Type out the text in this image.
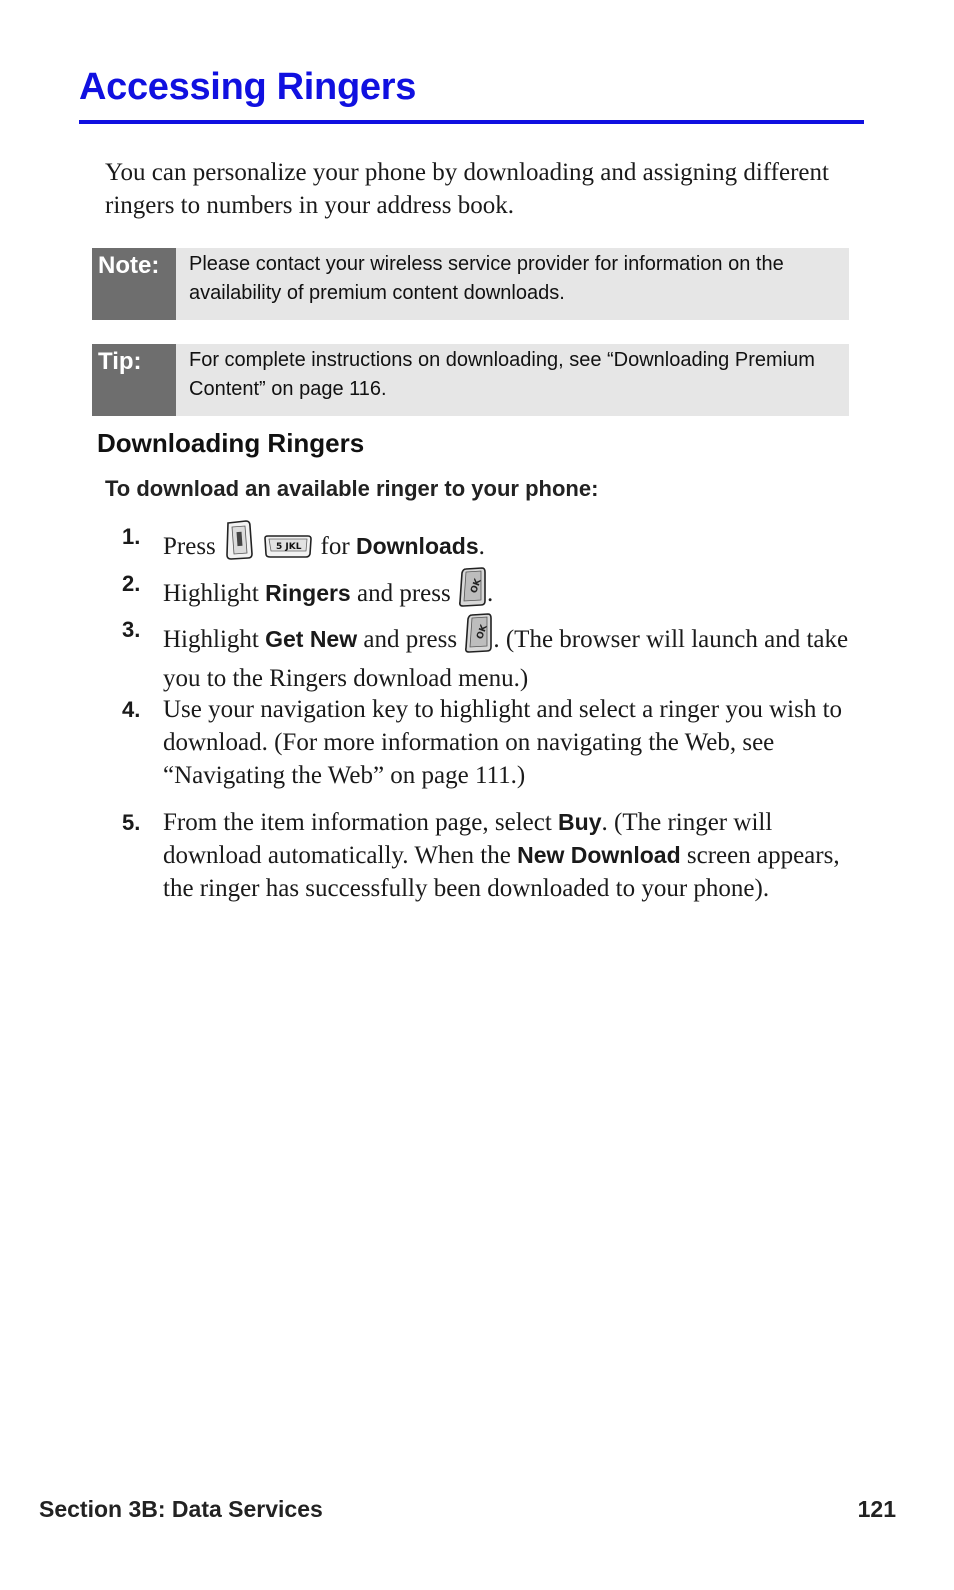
Accessing Ringers

You can personalize your phone by downloading and assigning different ringers to numbers in your address book.

Note:	Please contact your wireless service provider for information on the availability of premium content downloads.
Tip:	For complete instructions on downloading, see “Downloading Premium Content” on page 116.
Downloading Ringers

To download an available ringer to your phone:

1. Press	5 JKL for Downloads.
2. Highlight Ringers and press OK .
3. Highlight Get New and press OK . (The browser will launch and take you to the Ringers download menu.)
4. Use your navigation key to highlight and select a ringer you wish to download. (For more information on navigating the Web, see “Navigating the Web” on page 111.)
5. From the item information page, select Buy. (The ringer will download automatically. When the New Download screen appears, the ringer has successfully been downloaded to your phone).
Section 3B: Data Services	121
